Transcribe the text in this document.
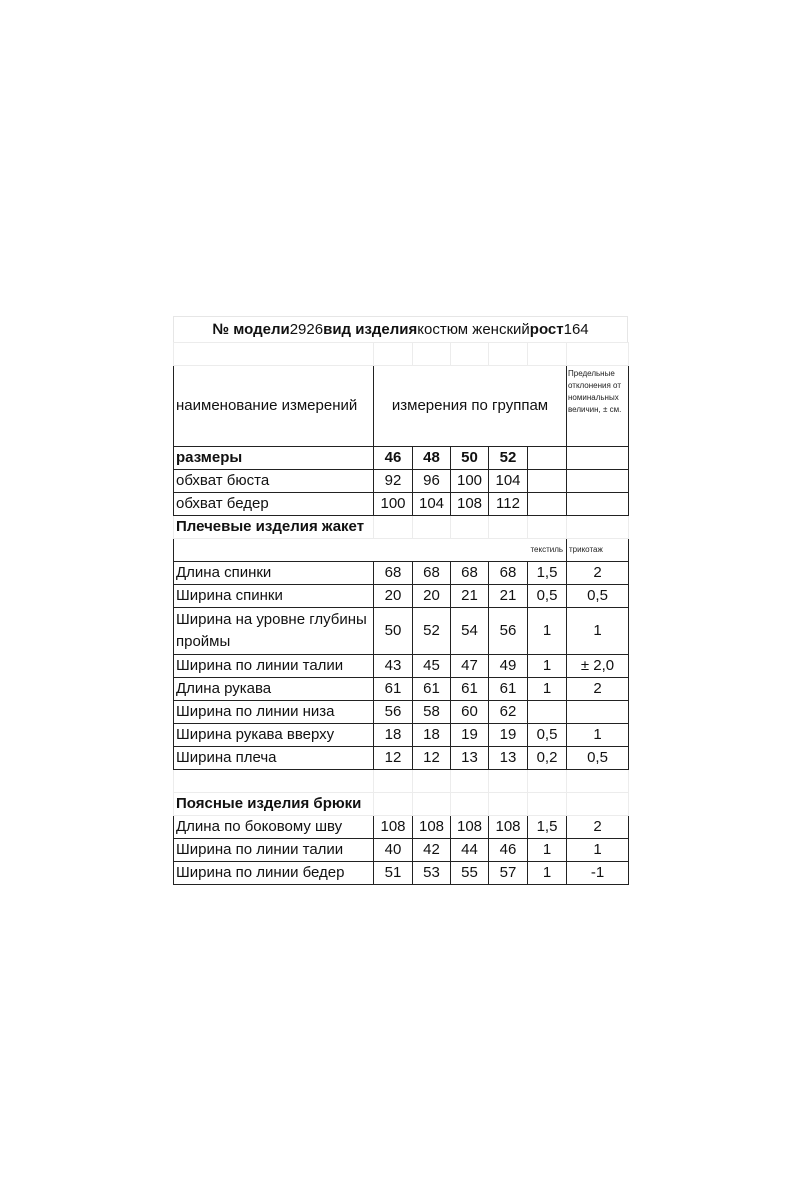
№ модели 2926 вид изделия костюм женский рост 164

наименование измерений	измерения по группам					Предельные отклонения от номинальных величин, ± см.
размеры	46	48	50	52		
обхват бюста	92	96	100	104		
обхват бедер	100	104	108	112		
Плечевые изделия жакет						
					текстиль	трикотаж
Длина спинки	68	68	68	68	1,5	2
Ширина спинки	20	20	21	21	0,5	0,5
Ширина на уровне глубины проймы	50	52	54	56	1	1
Ширина по линии талии	43	45	47	49	1	± 2,0
Длина рукава	61	61	61	61	1	2
Ширина по линии низа	56	58	60	62		
Ширина рукава вверху	18	18	19	19	0,5	1
Ширина плеча	12	12	13	13	0,2	0,5

Поясные изделия брюки						
Длина по боковому шву	108	108	108	108	1,5	2
Ширина по линии талии	40	42	44	46	1	1
Ширина по линии бедер	51	53	55	57	1	-1
